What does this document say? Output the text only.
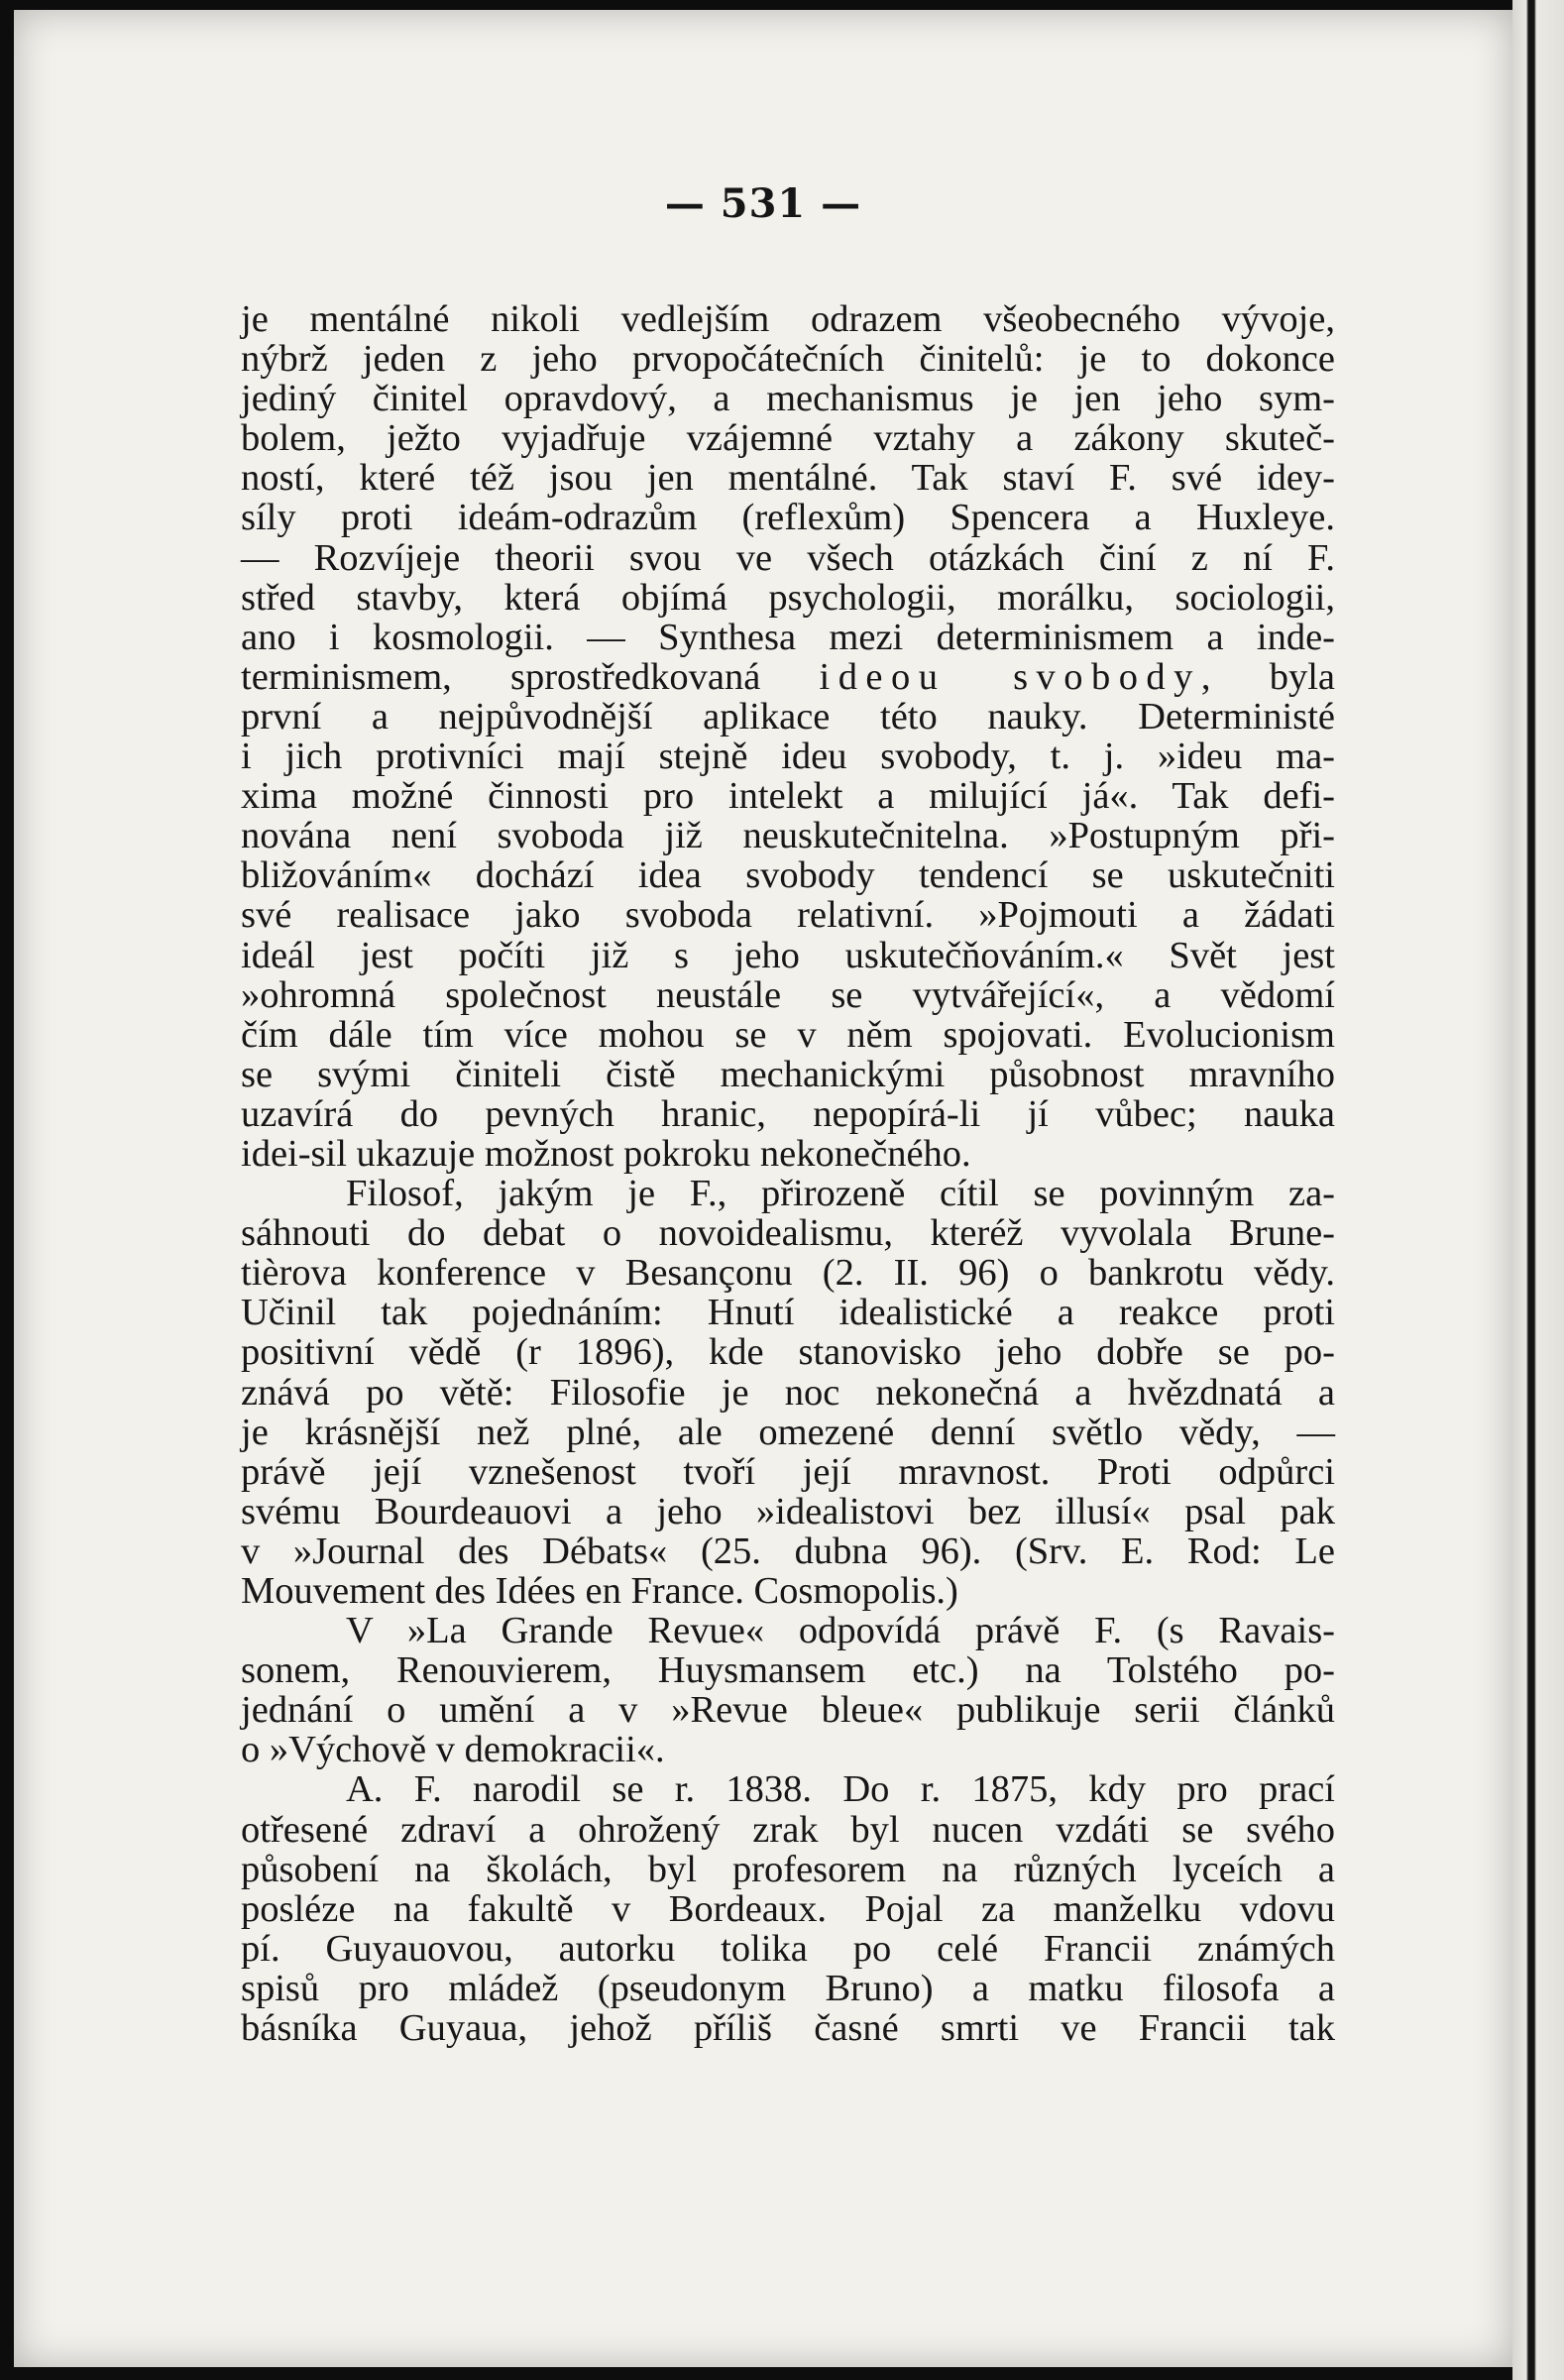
— 531 —
je mentálné nikoli vedlejším odrazem všeobecného vývoje,
nýbrž jeden z jeho prvopočátečních činitelů: je to dokonce
jediný činitel opravdový, a mechanismus je jen jeho sym-
bolem, ježto vyjadřuje vzájemné vztahy a zákony skuteč-
ností, které též jsou jen mentálné. Tak staví F. své idey-
síly proti ideám-odrazům (reflexům) Spencera a Huxleye.
— Rozvíjeje theorii svou ve všech otázkách činí z ní F.
střed stavby, která objímá psychologii, morálku, sociologii,
ano i kosmologii. — Synthesa mezi determinismem a inde-
terminismem, sprostředkovaná ideou svobody, byla
první a nejpůvodnější aplikace této nauky. Deterministé
i jich protivníci mají stejně ideu svobody, t. j. »ideu ma-
xima možné činnosti pro intelekt a milující já«. Tak defi-
nována není svoboda již neuskutečnitelna. »Postupným při-
bližováním« dochází idea svobody tendencí se uskutečniti
své realisace jako svoboda relativní. »Pojmouti a žádati
ideál jest počíti již s jeho uskutečňováním.« Svět jest
»ohromná společnost neustále se vytvářející«, a vědomí
čím dále tím více mohou se v něm spojovati. Evolucionism
se svými činiteli čistě mechanickými působnost mravního
uzavírá do pevných hranic, nepopírá-li jí vůbec; nauka
idei-sil ukazuje možnost pokroku nekonečného.
Filosof, jakým je F., přirozeně cítil se povinným za-
sáhnouti do debat o novoidealismu, kteréž vyvolala Brune-
tièrova konference v Besançonu (2. II. 96) o bankrotu vědy.
Učinil tak pojednáním: Hnutí idealistické a reakce proti
positivní vědě (r 1896), kde stanovisko jeho dobře se po-
znává po větě: Filosofie je noc nekonečná a hvězdnatá a
je krásnější než plné, ale omezené denní světlo vědy, —
právě její vznešenost tvoří její mravnost. Proti odpůrci
svému Bourdeauovi a jeho »idealistovi bez illusí« psal pak
v »Journal des Débats« (25. dubna 96). (Srv. E. Rod: Le
Mouvement des Idées en France. Cosmopolis.)
V »La Grande Revue« odpovídá právě F. (s Ravais-
sonem, Renouvierem, Huysmansem etc.) na Tolstého po-
jednání o umění a v »Revue bleue« publikuje serii článků
o »Výchově v demokracii«.
A. F. narodil se r. 1838. Do r. 1875, kdy pro prací
otřesené zdraví a ohrožený zrak byl nucen vzdáti se svého
působení na školách, byl profesorem na různých lyceích a
posléze na fakultě v Bordeaux. Pojal za manželku vdovu
pí. Guyauovou, autorku tolika po celé Francii známých
spisů pro mládež (pseudonym Bruno) a matku filosofa a
básníka Guyaua, jehož příliš časné smrti ve Francii tak
